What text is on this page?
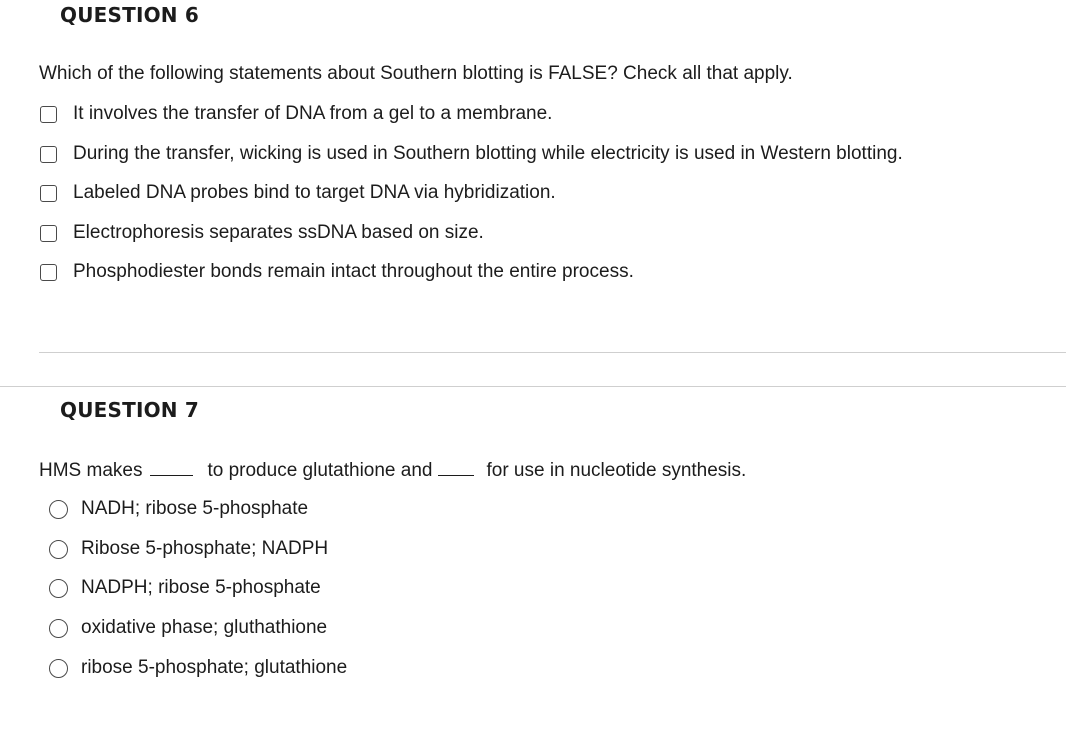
QUESTION 6
Which of the following statements about Southern blotting is FALSE? Check all that apply.
It involves the transfer of DNA from a gel to a membrane.
During the transfer, wicking is used in Southern blotting while electricity is used in Western blotting.
Labeled DNA probes bind to target DNA via hybridization.
Electrophoresis separates ssDNA based on size.
Phosphodiester bonds remain intact throughout the entire process.
QUESTION 7
HMS makes	to produce glutathione and	for use in nucleotide synthesis.
NADH; ribose 5-phosphate
Ribose 5-phosphate; NADPH
NADPH; ribose 5-phosphate
oxidative phase; gluthathione
ribose 5-phosphate; glutathione
